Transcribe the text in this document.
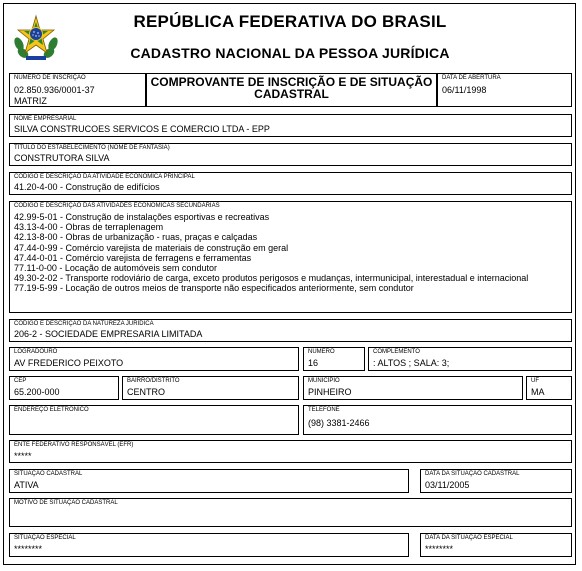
REPÚBLICA FEDERATIVA DO BRASIL
CADASTRO NACIONAL DA PESSOA JURÍDICA
NÚMERO DE INSCRIÇÃO
02.850.936/0001-37
MATRIZ
COMPROVANTE DE INSCRIÇÃO E DE SITUAÇÃO CADASTRAL
DATA DE ABERTURA
06/11/1998
NOME EMPRESARIAL
SILVA CONSTRUCOES SERVICOS E COMERCIO LTDA - EPP
TÍTULO DO ESTABELECIMENTO (NOME DE FANTASIA)
CONSTRUTORA SILVA
CÓDIGO E DESCRIÇÃO DA ATIVIDADE ECONÔMICA PRINCIPAL
41.20-4-00 - Construção de edifícios
CÓDIGO E DESCRIÇÃO DAS ATIVIDADES ECONÔMICAS SECUNDÁRIAS
42.99-5-01 - Construção de instalações esportivas e recreativas
43.13-4-00 - Obras de terraplenagem
42.13-8-00 - Obras de urbanização - ruas, praças e calçadas
47.44-0-99 - Comércio varejista de materiais de construção em geral
47.44-0-01 - Comércio varejista de ferragens e ferramentas
77.11-0-00 - Locação de automóveis sem condutor
49.30-2-02 - Transporte rodoviário de carga, exceto produtos perigosos e mudanças, intermunicipal, interestadual e internacional
77.19-5-99 - Locação de outros meios de transporte não especificados anteriormente, sem condutor
CÓDIGO E DESCRIÇÃO DA NATUREZA JURÍDICA
206-2 - SOCIEDADE EMPRESARIA LIMITADA
LOGRADOURO
AV FREDERICO PEIXOTO
NÚMERO
16
COMPLEMENTO
: ALTOS ; SALA: 3;
CEP
65.200-000
BAIRRO/DISTRITO
CENTRO
MUNICÍPIO
PINHEIRO
UF
MA
ENDEREÇO ELETRÔNICO	TELEFONE
(98) 3381-2466
ENTE FEDERATIVO RESPONSÁVEL (EFR)
*****
SITUAÇÃO CADASTRAL
ATIVA
DATA DA SITUAÇÃO CADASTRAL
03/11/2005
MOTIVO DE SITUAÇÃO CADASTRAL
SITUAÇÃO ESPECIAL
********
DATA DA SITUAÇÃO ESPECIAL
********
